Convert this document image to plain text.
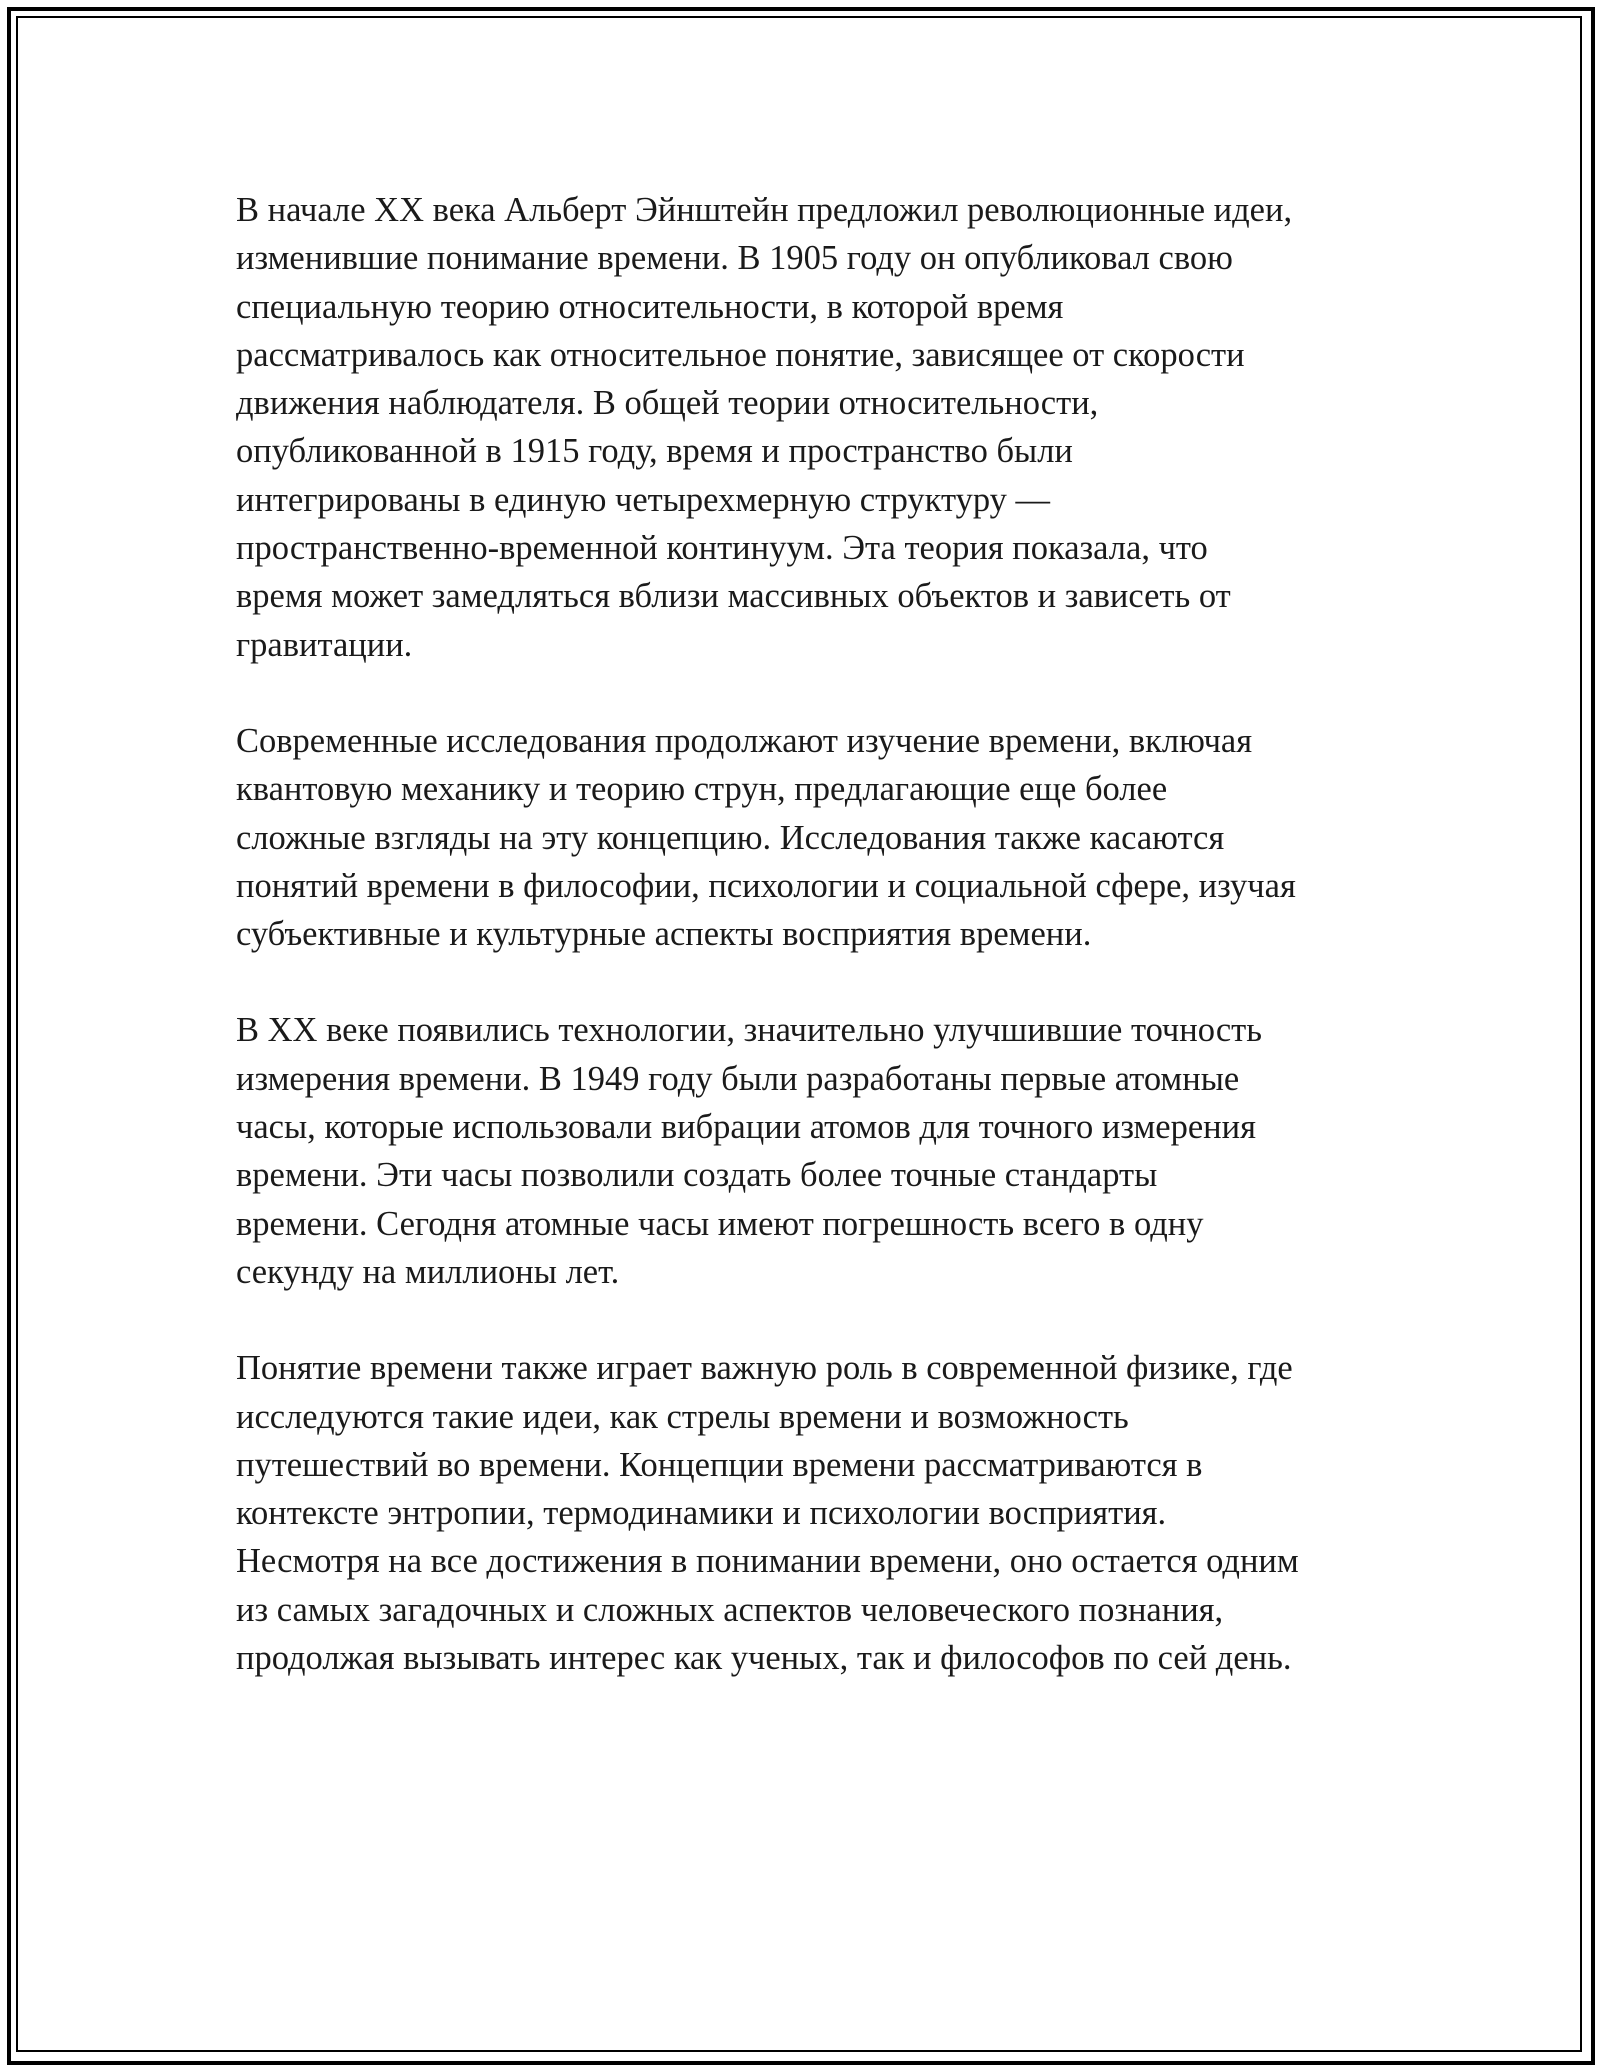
В начале XX века Альберт Эйнштейн предложил революционные идеи,
изменившие понимание времени. В 1905 году он опубликовал свою
специальную теорию относительности, в которой время
рассматривалось как относительное понятие, зависящее от скорости
движения наблюдателя. В общей теории относительности,
опубликованной в 1915 году, время и пространство были
интегрированы в единую четырехмерную структуру —
пространственно-временной континуум. Эта теория показала, что
время может замедляться вблизи массивных объектов и зависеть от
гравитации.

Современные исследования продолжают изучение времени, включая
квантовую механику и теорию струн, предлагающие еще более
сложные взгляды на эту концепцию. Исследования также касаются
понятий времени в философии, психологии и социальной сфере, изучая
субъективные и культурные аспекты восприятия времени.

В XX веке появились технологии, значительно улучшившие точность
измерения времени. В 1949 году были разработаны первые атомные
часы, которые использовали вибрации атомов для точного измерения
времени. Эти часы позволили создать более точные стандарты
времени. Сегодня атомные часы имеют погрешность всего в одну
секунду на миллионы лет.

Понятие времени также играет важную роль в современной физике, где
исследуются такие идеи, как стрелы времени и возможность
путешествий во времени. Концепции времени рассматриваются в
контексте энтропии, термодинамики и психологии восприятия.
Несмотря на все достижения в понимании времени, оно остается одним
из самых загадочных и сложных аспектов человеческого познания,
продолжая вызывать интерес как ученых, так и философов по сей день.
